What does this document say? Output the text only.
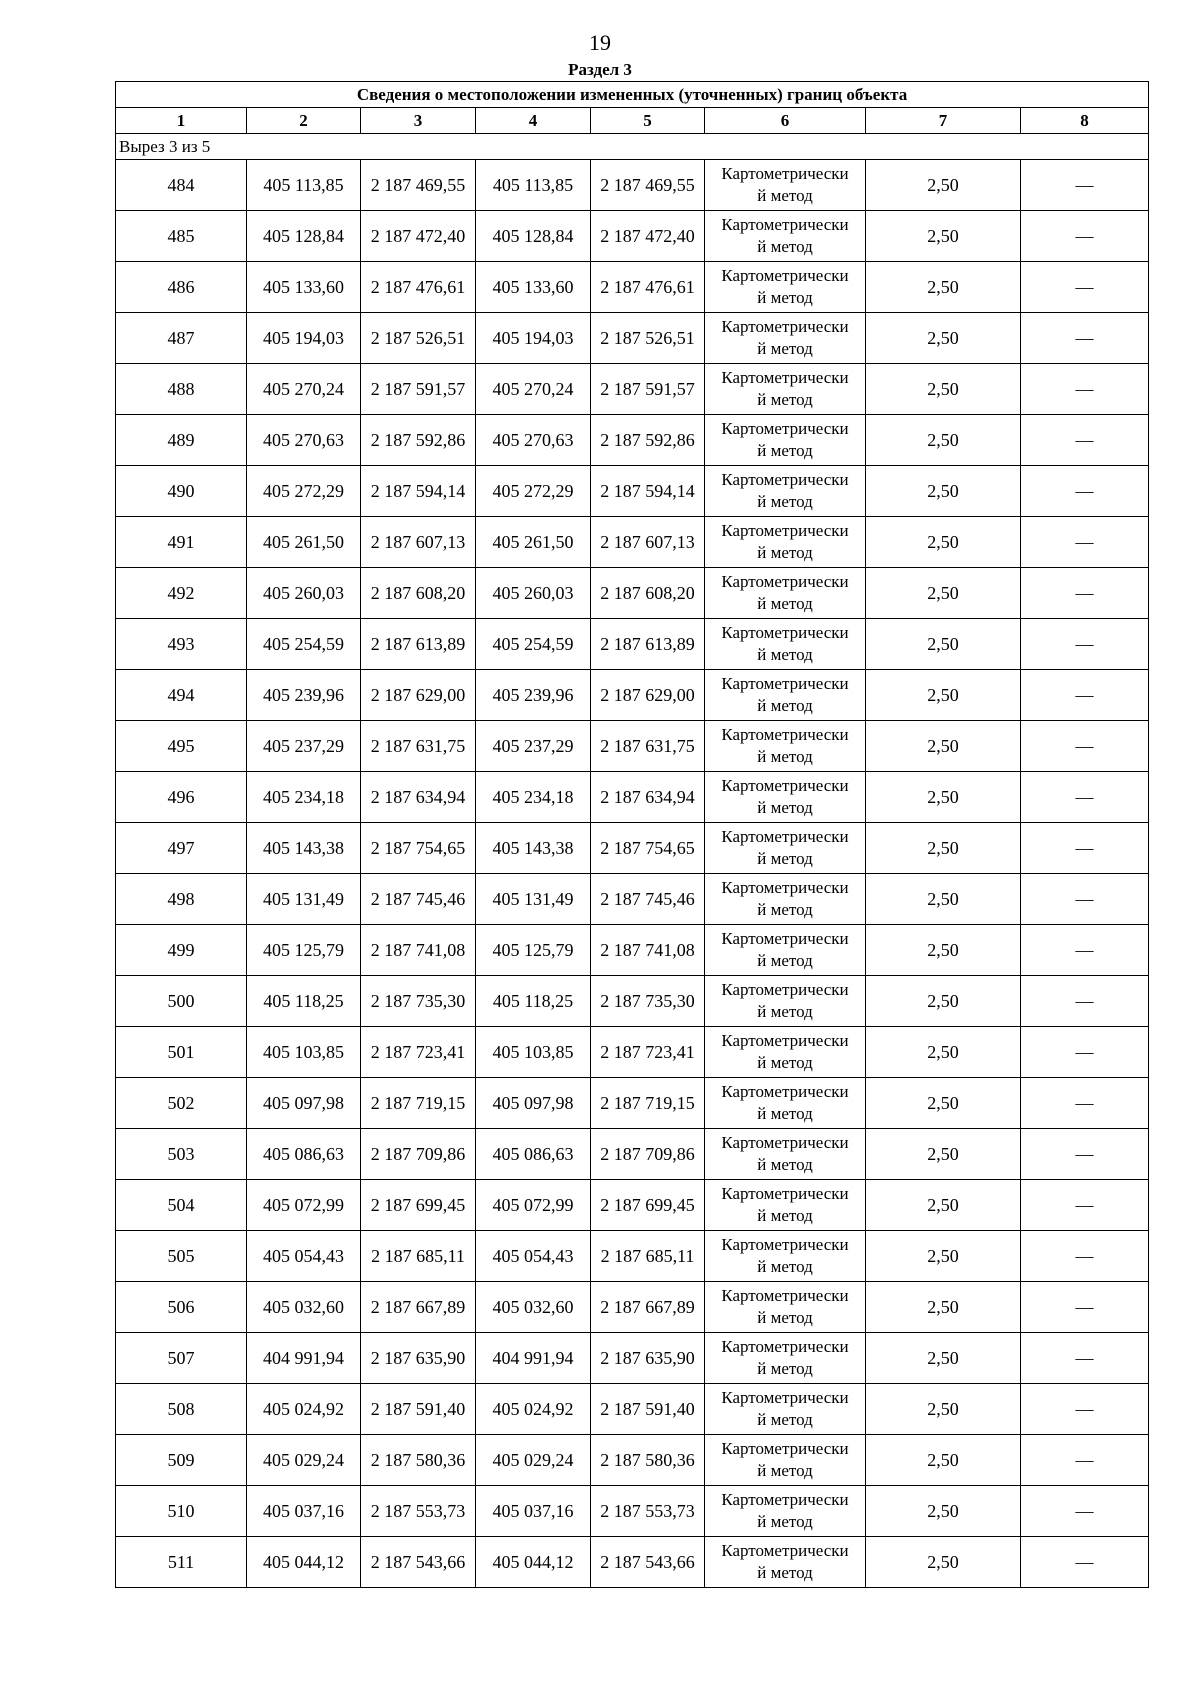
19
Раздел 3
Сведения о местоположении измененных (уточненных) границ объекта							
1	2	3	4	5	6	7	8
Вырез 3 из 5							
484	405 113,85	2 187 469,55	405 113,85	2 187 469,55	Картометрически
й метод	2,50	—
485	405 128,84	2 187 472,40	405 128,84	2 187 472,40	Картометрически
й метод	2,50	—
486	405 133,60	2 187 476,61	405 133,60	2 187 476,61	Картометрически
й метод	2,50	—
487	405 194,03	2 187 526,51	405 194,03	2 187 526,51	Картометрически
й метод	2,50	—
488	405 270,24	2 187 591,57	405 270,24	2 187 591,57	Картометрически
й метод	2,50	—
489	405 270,63	2 187 592,86	405 270,63	2 187 592,86	Картометрически
й метод	2,50	—
490	405 272,29	2 187 594,14	405 272,29	2 187 594,14	Картометрически
й метод	2,50	—
491	405 261,50	2 187 607,13	405 261,50	2 187 607,13	Картометрически
й метод	2,50	—
492	405 260,03	2 187 608,20	405 260,03	2 187 608,20	Картометрически
й метод	2,50	—
493	405 254,59	2 187 613,89	405 254,59	2 187 613,89	Картометрически
й метод	2,50	—
494	405 239,96	2 187 629,00	405 239,96	2 187 629,00	Картометрически
й метод	2,50	—
495	405 237,29	2 187 631,75	405 237,29	2 187 631,75	Картометрически
й метод	2,50	—
496	405 234,18	2 187 634,94	405 234,18	2 187 634,94	Картометрически
й метод	2,50	—
497	405 143,38	2 187 754,65	405 143,38	2 187 754,65	Картометрически
й метод	2,50	—
498	405 131,49	2 187 745,46	405 131,49	2 187 745,46	Картометрически
й метод	2,50	—
499	405 125,79	2 187 741,08	405 125,79	2 187 741,08	Картометрически
й метод	2,50	—
500	405 118,25	2 187 735,30	405 118,25	2 187 735,30	Картометрически
й метод	2,50	—
501	405 103,85	2 187 723,41	405 103,85	2 187 723,41	Картометрически
й метод	2,50	—
502	405 097,98	2 187 719,15	405 097,98	2 187 719,15	Картометрически
й метод	2,50	—
503	405 086,63	2 187 709,86	405 086,63	2 187 709,86	Картометрически
й метод	2,50	—
504	405 072,99	2 187 699,45	405 072,99	2 187 699,45	Картометрически
й метод	2,50	—
505	405 054,43	2 187 685,11	405 054,43	2 187 685,11	Картометрически
й метод	2,50	—
506	405 032,60	2 187 667,89	405 032,60	2 187 667,89	Картометрически
й метод	2,50	—
507	404 991,94	2 187 635,90	404 991,94	2 187 635,90	Картометрически
й метод	2,50	—
508	405 024,92	2 187 591,40	405 024,92	2 187 591,40	Картометрически
й метод	2,50	—
509	405 029,24	2 187 580,36	405 029,24	2 187 580,36	Картометрически
й метод	2,50	—
510	405 037,16	2 187 553,73	405 037,16	2 187 553,73	Картометрически
й метод	2,50	—
511	405 044,12	2 187 543,66	405 044,12	2 187 543,66	Картометрически
й метод	2,50	—
